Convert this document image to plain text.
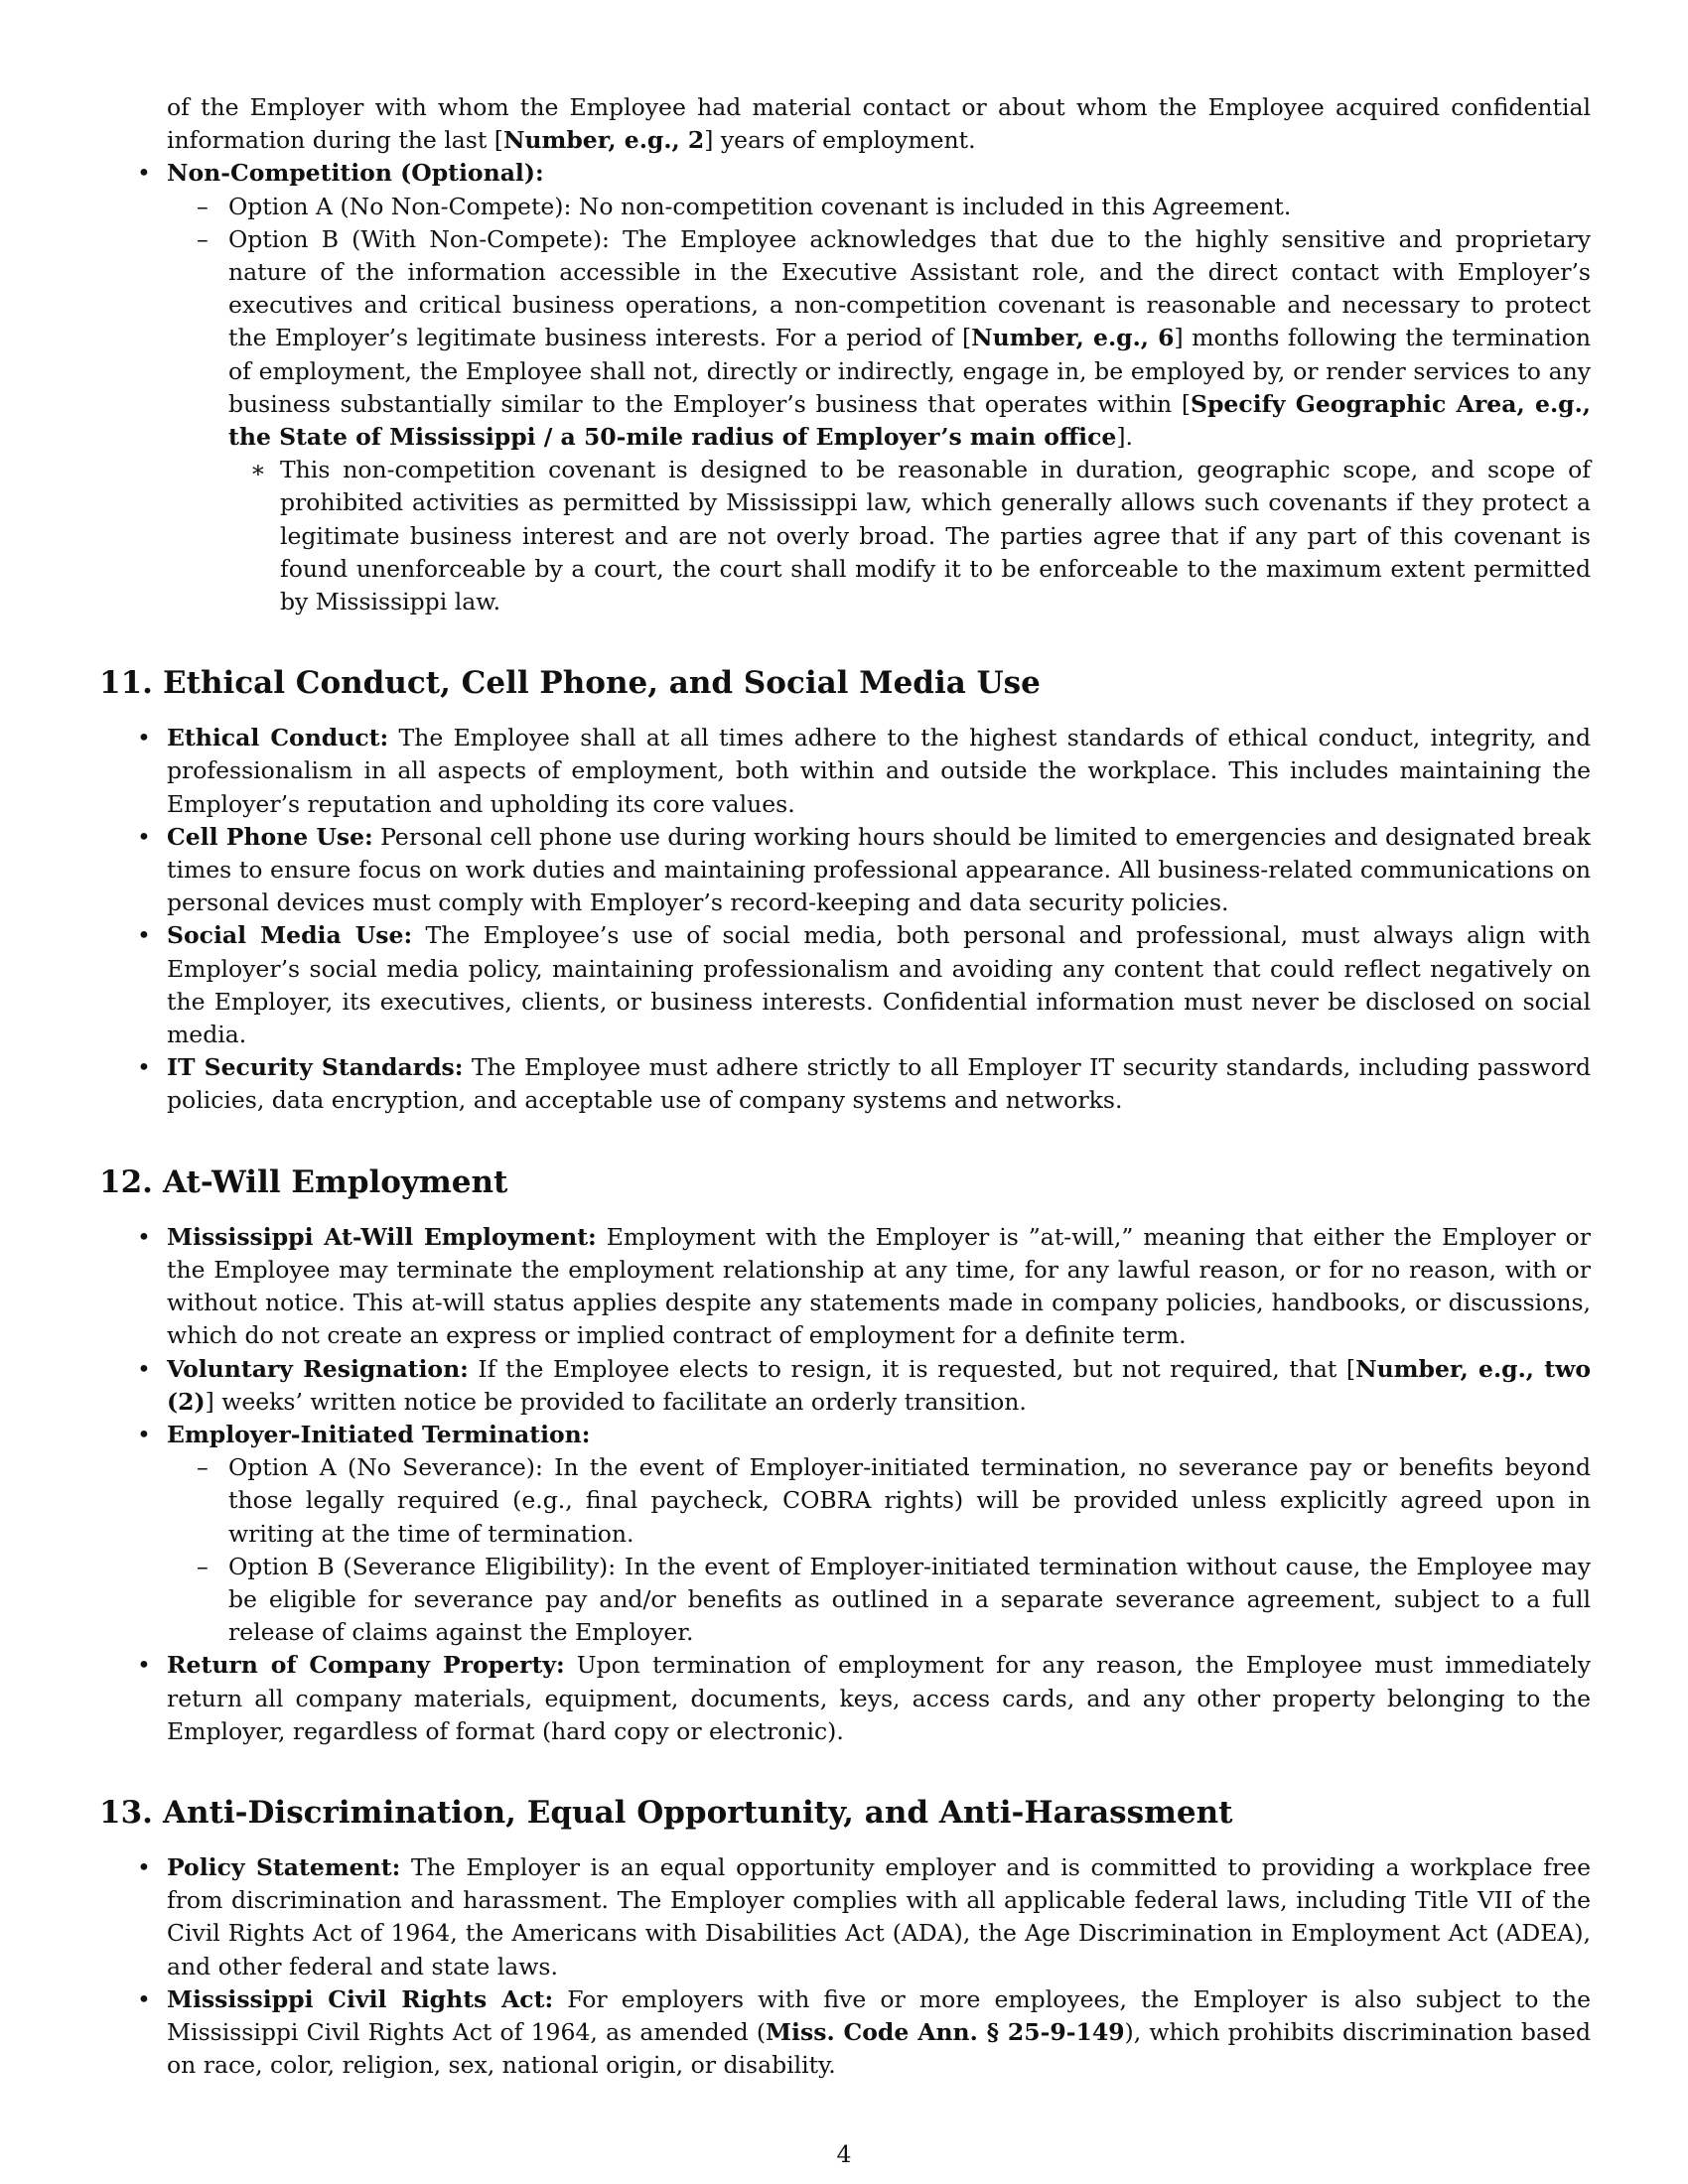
of the Employer with whom the Employee had material contact or about whom the Employee acquired confidential information during the last [Number, e.g., 2] years of employment.
• Non-Competition (Optional):
– Option A (No Non-Compete): No non-competition covenant is included in this Agreement.
– Option B (With Non-Compete): The Employee acknowledges that due to the highly sensitive and proprietary nature of the information accessible in the Executive Assistant role, and the direct contact with Employer’s executives and critical business operations, a non-competition covenant is reasonable and necessary to protect the Employer’s legitimate business interests. For a period of [Number, e.g., 6] months following the termination of employment, the Employee shall not, directly or indirectly, engage in, be employed by, or render services to any business substantially similar to the Employer’s business that operates within [Specify Geographic Area, e.g., the State of Mississippi / a 50-mile radius of Employer’s main office].
∗ This non-competition covenant is designed to be reasonable in duration, geographic scope, and scope of prohibited activities as permitted by Mississippi law, which generally allows such covenants if they protect a legitimate business interest and are not overly broad. The parties agree that if any part of this covenant is found unenforceable by a court, the court shall modify it to be enforceable to the maximum extent permitted by Mississippi law.
11. Ethical Conduct, Cell Phone, and Social Media Use
• Ethical Conduct: The Employee shall at all times adhere to the highest standards of ethical conduct, integrity, and professionalism in all aspects of employment, both within and outside the workplace. This includes maintaining the Employer’s reputation and upholding its core values.
• Cell Phone Use: Personal cell phone use during working hours should be limited to emergencies and designated break times to ensure focus on work duties and maintaining professional appearance. All business-related communications on personal devices must comply with Employer’s record-keeping and data security policies.
• Social Media Use: The Employee’s use of social media, both personal and professional, must always align with Employer’s social media policy, maintaining professionalism and avoiding any content that could reflect negatively on the Employer, its executives, clients, or business interests. Confidential information must never be disclosed on social media.
• IT Security Standards: The Employee must adhere strictly to all Employer IT security standards, including password policies, data encryption, and acceptable use of company systems and networks.
12. At-Will Employment
• Mississippi At-Will Employment: Employment with the Employer is ”at-will,” meaning that either the Employer or the Employee may terminate the employment relationship at any time, for any lawful reason, or for no reason, with or without notice. This at-will status applies despite any statements made in company policies, handbooks, or discussions, which do not create an express or implied contract of employment for a definite term.
• Voluntary Resignation: If the Employee elects to resign, it is requested, but not required, that [Number, e.g., two (2)] weeks’ written notice be provided to facilitate an orderly transition.
• Employer-Initiated Termination:
– Option A (No Severance): In the event of Employer-initiated termination, no severance pay or benefits beyond those legally required (e.g., final paycheck, COBRA rights) will be provided unless explicitly agreed upon in writing at the time of termination.
– Option B (Severance Eligibility): In the event of Employer-initiated termination without cause, the Employee may be eligible for severance pay and/or benefits as outlined in a separate severance agreement, subject to a full release of claims against the Employer.
• Return of Company Property: Upon termination of employment for any reason, the Employee must immediately return all company materials, equipment, documents, keys, access cards, and any other property belonging to the Employer, regardless of format (hard copy or electronic).
13. Anti-Discrimination, Equal Opportunity, and Anti-Harassment
• Policy Statement: The Employer is an equal opportunity employer and is committed to providing a workplace free from discrimination and harassment. The Employer complies with all applicable federal laws, including Title VII of the Civil Rights Act of 1964, the Americans with Disabilities Act (ADA), the Age Discrimination in Employment Act (ADEA), and other federal and state laws.
• Mississippi Civil Rights Act: For employers with five or more employees, the Employer is also subject to the Mississippi Civil Rights Act of 1964, as amended (Miss. Code Ann. § 25-9-149), which prohibits discrimination based on race, color, religion, sex, national origin, or disability.
4
